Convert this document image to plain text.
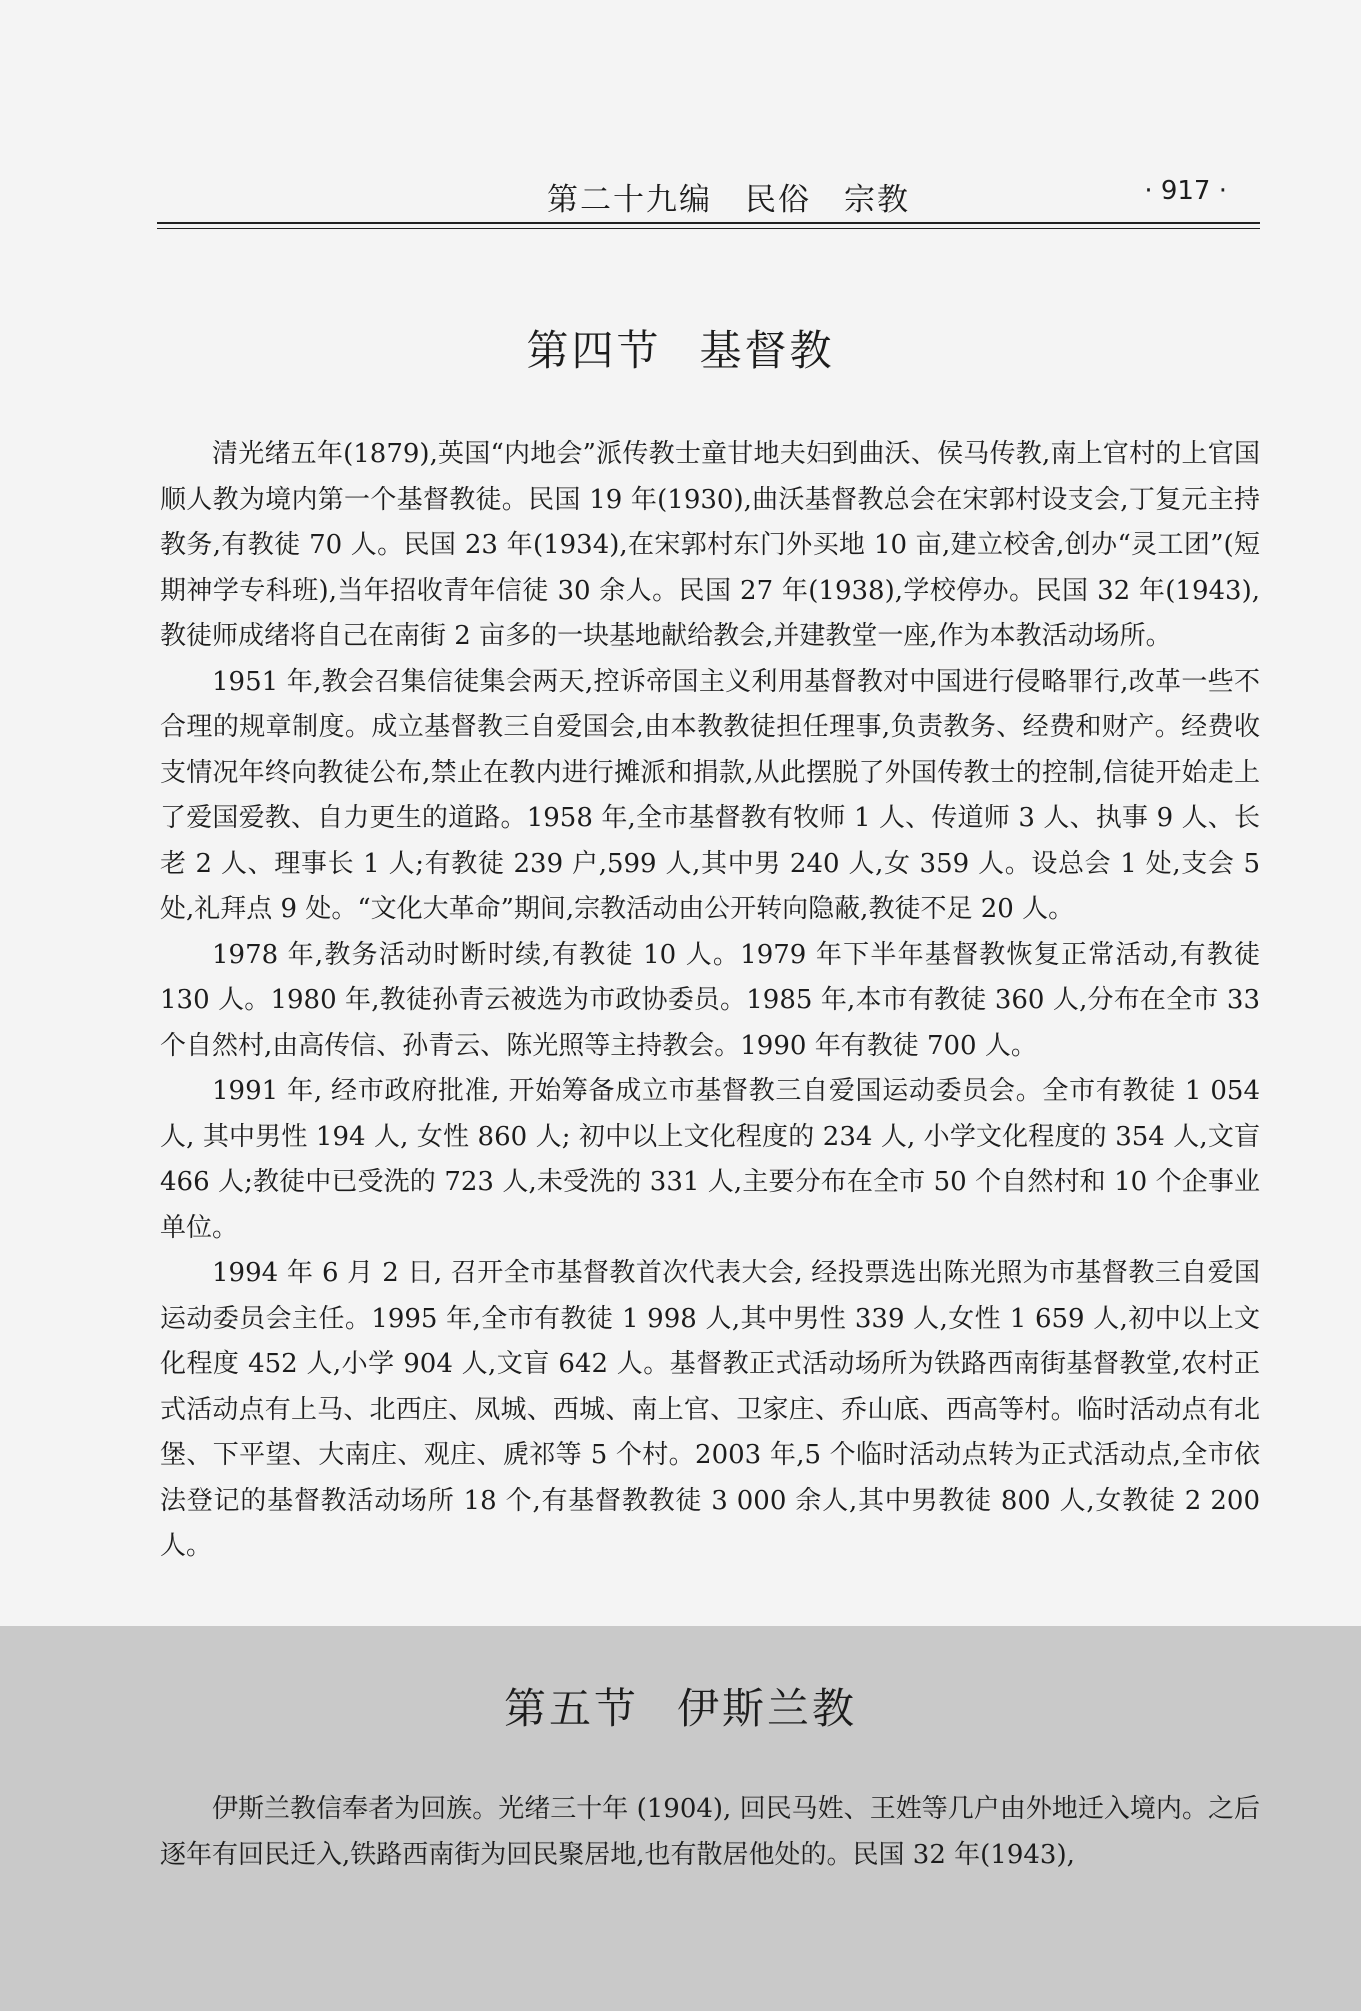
第二十九编　民俗　宗教	· 917 ·
第四节 基督教

清光绪五年(1879),英国“内地会”派传教士童甘地夫妇到曲沃、侯马传教,南上官村的上官国顺人教为境内第一个基督教徒。民国 19 年(1930),曲沃基督教总会在宋郭村设支会,丁复元主持教务,有教徒 70 人。民国 23 年(1934),在宋郭村东门外买地 10 亩,建立校舍,创办“灵工团”(短期神学专科班),当年招收青年信徒 30 余人。民国 27 年(1938),学校停办。民国 32 年(1943),教徒师成绪将自己在南街 2 亩多的一块基地献给教会,并建教堂一座,作为本教活动场所。

1951 年,教会召集信徒集会两天,控诉帝国主义利用基督教对中国进行侵略罪行,改革一些不合理的规章制度。成立基督教三自爱国会,由本教教徒担任理事,负责教务、经费和财产。经费收支情况年终向教徒公布,禁止在教内进行摊派和捐款,从此摆脱了外国传教士的控制,信徒开始走上了爱国爱教、自力更生的道路。1958 年,全市基督教有牧师 1 人、传道师 3 人、执事 9 人、长老 2 人、理事长 1 人;有教徒 239 户,599 人,其中男 240 人,女 359 人。设总会 1 处,支会 5 处,礼拜点 9 处。“文化大革命”期间,宗教活动由公开转向隐蔽,教徒不足 20 人。

1978 年,教务活动时断时续,有教徒 10 人。1979 年下半年基督教恢复正常活动,有教徒 130 人。1980 年,教徒孙青云被选为市政协委员。1985 年,本市有教徒 360 人,分布在全市 33 个自然村,由高传信、孙青云、陈光照等主持教会。1990 年有教徒 700 人。

1991 年, 经市政府批准, 开始筹备成立市基督教三自爱国运动委员会。全市有教徒 1 054 人, 其中男性 194 人, 女性 860 人; 初中以上文化程度的 234 人, 小学文化程度的 354 人,文盲 466 人;教徒中已受洗的 723 人,未受洗的 331 人,主要分布在全市 50 个自然村和 10 个企事业单位。

1994 年 6 月 2 日, 召开全市基督教首次代表大会, 经投票选出陈光照为市基督教三自爱国运动委员会主任。1995 年,全市有教徒 1 998 人,其中男性 339 人,女性 1 659 人,初中以上文化程度 452 人,小学 904 人,文盲 642 人。基督教正式活动场所为铁路西南街基督教堂,农村正式活动点有上马、北西庄、凤城、西城、南上官、卫家庄、乔山底、西高等村。临时活动点有北堡、下平望、大南庄、观庄、虒祁等 5 个村。2003 年,5 个临时活动点转为正式活动点,全市依法登记的基督教活动场所 18 个,有基督教教徒 3 000 余人,其中男教徒 800 人,女教徒 2 200 人。

第五节 伊斯兰教

伊斯兰教信奉者为回族。光绪三十年 (1904), 回民马姓、王姓等几户由外地迁入境内。之后逐年有回民迁入,铁路西南街为回民聚居地,也有散居他处的。民国 32 年(1943),
